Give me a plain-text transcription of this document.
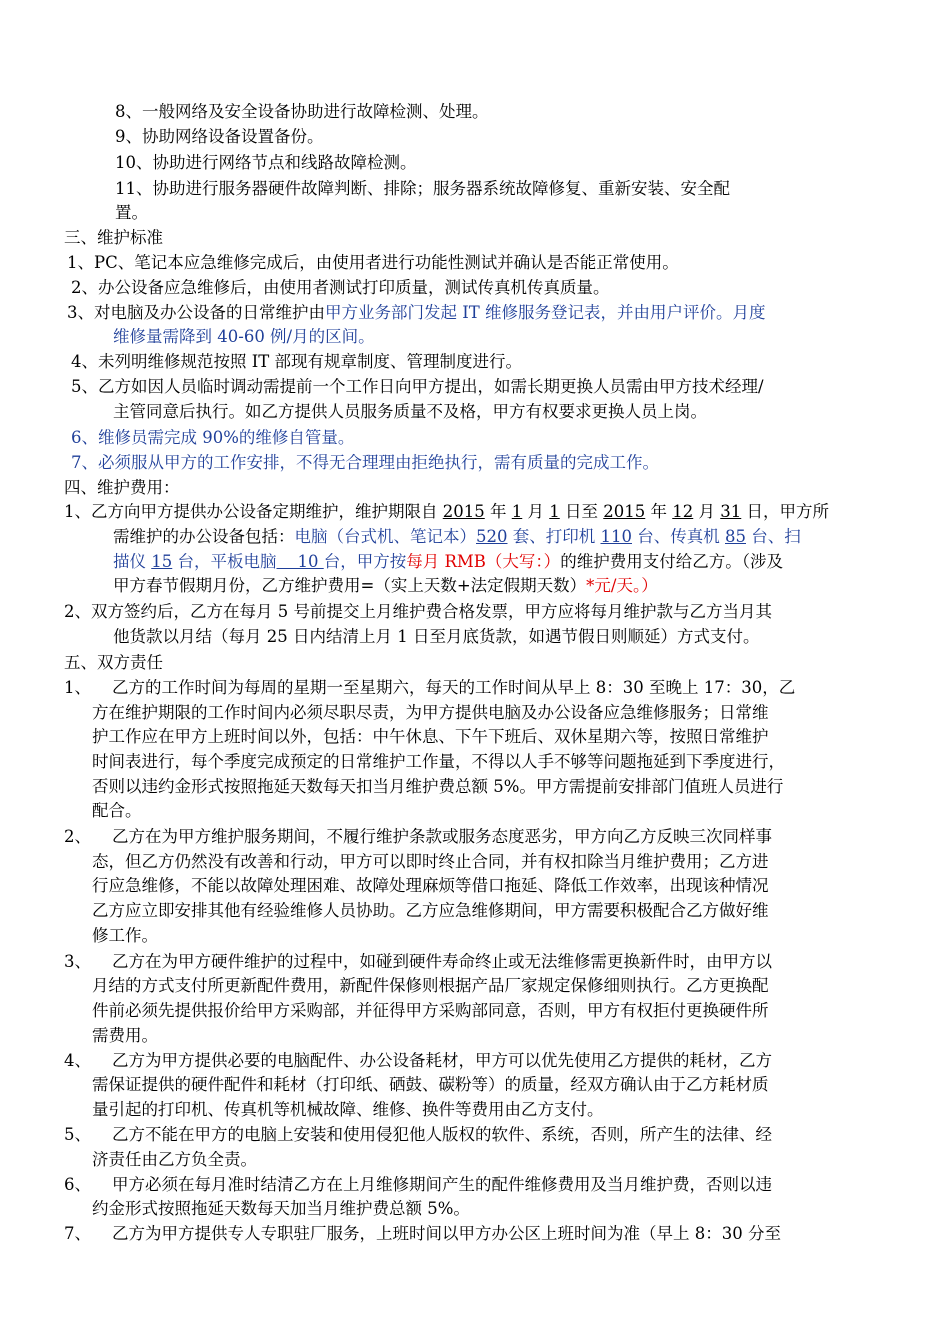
8、一般网络及安全设备协助进行故障检测、处理。
9、协助网络设备设置备份。
10、协助进行网络节点和线路故障检测。
11、协助进行服务器硬件故障判断、排除；服务器系统故障修复、重新安装、安全配
置。
三、维护标准
1、PC、笔记本应急维修完成后，由使用者进行功能性测试并确认是否能正常使用。
2、办公设备应急维修后，由使用者测试打印质量，测试传真机传真质量。
3、对电脑及办公设备的日常维护由甲方业务部门发起 IT 维修服务登记表，并由用户评价。月度
维修量需降到 40-60 例/月的区间。
4、未列明维修规范按照 IT 部现有规章制度、管理制度进行。
5、乙方如因人员临时调动需提前一个工作日向甲方提出，如需长期更换人员需由甲方技术经理/
主管同意后执行。如乙方提供人员服务质量不及格，甲方有权要求更换人员上岗。
6、维修员需完成 90%的维修自管量。
7、必须服从甲方的工作安排，不得无合理理由拒绝执行，需有质量的完成工作。
四、维护费用：
1、乙方向甲方提供办公设备定期维护，维护期限自 2015 年 1 月 1 日至 2015 年 12 月 31 日，甲方所
需维护的办公设备包括：电脑（台式机、笔记本）520 套、打印机 110 台、传真机 85 台、扫
描仪 15 台，平板电脑    10 台，甲方按每月 RMB（大写：）的维护费用支付给乙方。（涉及
甲方春节假期月份，乙方维护费用=（实上天数+法定假期天数）*元/天。）
2、双方签约后，乙方在每月 5 号前提交上月维护费合格发票，甲方应将每月维护款与乙方当月其
他货款以月结（每月 25 日内结清上月 1 日至月底货款，如遇节假日则顺延）方式支付。
五、双方责任
1、 乙方的工作时间为每周的星期一至星期六，每天的工作时间从早上 8：30 至晚上 17：30，乙
方在维护期限的工作时间内必须尽职尽责，为甲方提供电脑及办公设备应急维修服务；日常维
护工作应在甲方上班时间以外，包括：中午休息、下午下班后、双休星期六等，按照日常维护
时间表进行，每个季度完成预定的日常维护工作量，不得以人手不够等问题拖延到下季度进行，
否则以违约金形式按照拖延天数每天扣当月维护费总额 5%。甲方需提前安排部门值班人员进行
配合。
2、 乙方在为甲方维护服务期间，不履行维护条款或服务态度恶劣，甲方向乙方反映三次同样事
态，但乙方仍然没有改善和行动，甲方可以即时终止合同，并有权扣除当月维护费用；乙方进
行应急维修，不能以故障处理困难、故障处理麻烦等借口拖延、降低工作效率，出现该种情况
乙方应立即安排其他有经验维修人员协助。乙方应急维修期间，甲方需要积极配合乙方做好维
修工作。
3、 乙方在为甲方硬件维护的过程中，如碰到硬件寿命终止或无法维修需更换新件时，由甲方以
月结的方式支付所更新配件费用，新配件保修则根据产品厂家规定保修细则执行。乙方更换配
件前必须先提供报价给甲方采购部，并征得甲方采购部同意，否则，甲方有权拒付更换硬件所
需费用。
4、 乙方为甲方提供必要的电脑配件、办公设备耗材，甲方可以优先使用乙方提供的耗材，乙方
需保证提供的硬件配件和耗材（打印纸、硒鼓、碳粉等）的质量，经双方确认由于乙方耗材质
量引起的打印机、传真机等机械故障、维修、换件等费用由乙方支付。
5、 乙方不能在甲方的电脑上安装和使用侵犯他人版权的软件、系统，否则，所产生的法律、经
济责任由乙方负全责。
6、 甲方必须在每月准时结清乙方在上月维修期间产生的配件维修费用及当月维护费，否则以违
约金形式按照拖延天数每天加当月维护费总额 5%。
7、 乙方为甲方提供专人专职驻厂服务，上班时间以甲方办公区上班时间为准（早上 8：30 分至
